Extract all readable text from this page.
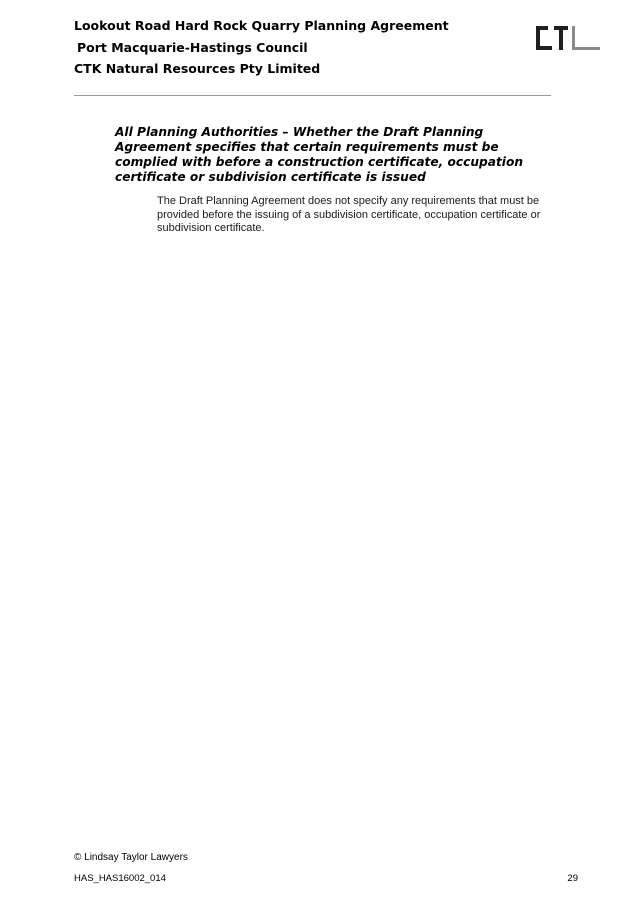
Lookout Road Hard Rock Quarry Planning Agreement
Port Macquarie-Hastings Council
CTK Natural Resources Pty Limited
All Planning Authorities – Whether the Draft Planning Agreement specifies that certain requirements must be complied with before a construction certificate, occupation certificate or subdivision certificate is issued
The Draft Planning Agreement does not specify any requirements that must be provided before the issuing of a subdivision certificate, occupation certificate or subdivision certificate.
© Lindsay Taylor Lawyers
HAS_HAS16002_014	29
